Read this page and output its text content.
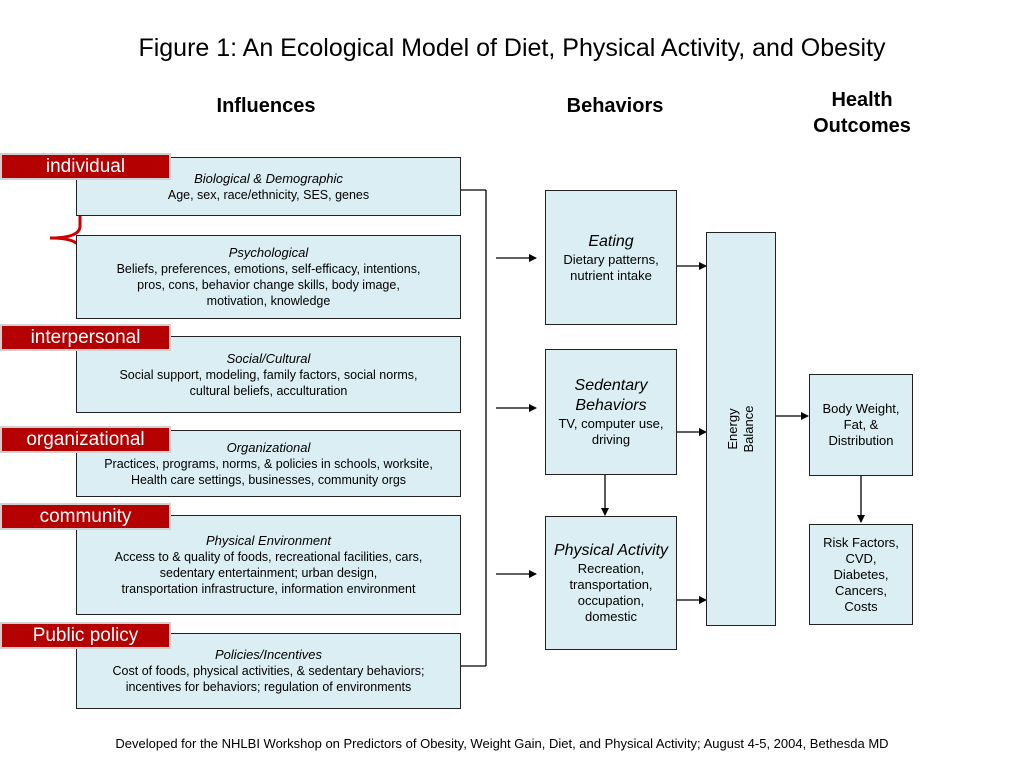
Figure 1: An Ecological Model of Diet, Physical Activity, and Obesity
Influences	Behaviors	Health
Outcomes
Biological & Demographic
Age, sex, race/ethnicity, SES, genes
Psychological
Beliefs, preferences, emotions, self-efficacy, intentions,
pros, cons, behavior change skills, body image,
motivation, knowledge
Social/Cultural
Social support, modeling, family factors, social norms,
cultural beliefs, acculturation
Organizational
Practices, programs, norms, & policies in schools, worksite,
Health care settings, businesses, community orgs
Physical Environment
Access to & quality of foods, recreational facilities, cars,
sedentary entertainment; urban design,
transportation infrastructure, information environment
Policies/Incentives
Cost of foods, physical activities, & sedentary behaviors;
incentives for behaviors; regulation of environments
individual
interpersonal
organizational
community
Public policy
Eating
Dietary patterns,
nutrient intake
Sedentary
Behaviors
TV, computer use,
driving
Physical Activity
Recreation,
transportation,
occupation,
domestic
Energy Balance	Body Weight,
Fat, &
Distribution
Risk Factors,
CVD,
Diabetes,
Cancers,
Costs
Developed for the NHLBI Workshop on Predictors of Obesity, Weight Gain, Diet, and Physical Activity; August 4-5, 2004, Bethesda MD
